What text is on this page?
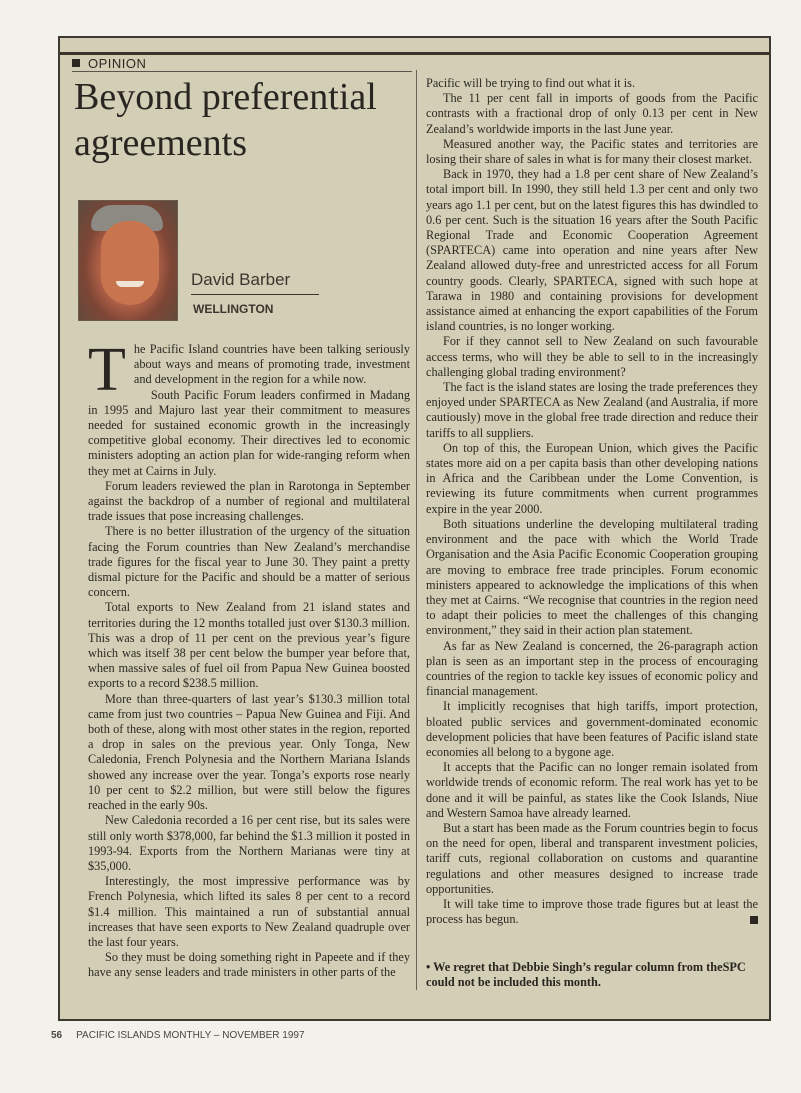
OPINION
Beyond preferential agreements
David Barber
WELLINGTON

The Pacific Island countries have been talking seriously about ways and means of promoting trade, investment and development in the region for a while now.

South Pacific Forum leaders confirmed in Madang in 1995 and Majuro last year their commitment to measures needed for sustained economic growth in the increasingly competitive global economy. Their directives led to economic ministers adopting an action plan for wide-ranging reform when they met at Cairns in July.

Forum leaders reviewed the plan in Rarotonga in September against the backdrop of a number of regional and multilateral trade issues that pose increasing challenges.

There is no better illustration of the urgency of the situation facing the Forum countries than New Zealand’s merchandise trade figures for the fiscal year to June 30. They paint a pretty dismal picture for the Pacific and should be a matter of serious concern.

Total exports to New Zealand from 21 island states and territories during the 12 months totalled just over $130.3 million. This was a drop of 11 per cent on the previous year’s figure which was itself 38 per cent below the bumper year before that, when massive sales of fuel oil from Papua New Guinea boosted exports to a record $238.5 million.

More than three-quarters of last year’s $130.3 million total came from just two countries – Papua New Guinea and Fiji. And both of these, along with most other states in the region, reported a drop in sales on the previous year. Only Tonga, New Caledonia, French Polynesia and the Northern Mariana Islands showed any increase over the year. Tonga’s exports rose nearly 10 per cent to $2.2 million, but were still below the figures reached in the early 90s.

New Caledonia recorded a 16 per cent rise, but its sales were still only worth $378,000, far behind the $1.3 million it posted in 1993-94. Exports from the Northern Marianas were tiny at $35,000.

Interestingly, the most impressive performance was by French Polynesia, which lifted its sales 8 per cent to a record $1.4 million. This maintained a run of substantial annual increases that have seen exports to New Zealand quadruple over the last four years.

So they must be doing something right in Papeete and if they have any sense leaders and trade ministers in other parts of the

Pacific will be trying to find out what it is.

The 11 per cent fall in imports of goods from the Pacific contrasts with a fractional drop of only 0.13 per cent in New Zealand’s worldwide imports in the last June year.

Measured another way, the Pacific states and territories are losing their share of sales in what is for many their closest market.

Back in 1970, they had a 1.8 per cent share of New Zealand’s total import bill. In 1990, they still held 1.3 per cent and only two years ago 1.1 per cent, but on the latest figures this has dwindled to 0.6 per cent. Such is the situation 16 years after the South Pacific Regional Trade and Economic Cooperation Agreement (SPARTECA) came into operation and nine years after New Zealand allowed duty-free and unrestricted access for all Forum country goods. Clearly, SPARTECA, signed with such hope at Tarawa in 1980 and containing provisions for development assistance aimed at enhancing the export capabilities of the Forum island countries, is no longer working.

For if they cannot sell to New Zealand on such favourable access terms, who will they be able to sell to in the increasingly challenging global trading environment?

The fact is the island states are losing the trade preferences they enjoyed under SPARTECA as New Zealand (and Australia, if more cautiously) move in the global free trade direction and reduce their tariffs to all suppliers.

On top of this, the European Union, which gives the Pacific states more aid on a per capita basis than other developing nations in Africa and the Caribbean under the Lome Convention, is reviewing its future commitments when current programmes expire in the year 2000.

Both situations underline the developing multilateral trading environment and the pace with which the World Trade Organisation and the Asia Pacific Economic Cooperation grouping are moving to embrace free trade principles. Forum economic ministers appeared to acknowledge the implications of this when they met at Cairns. “We recognise that countries in the region need to adapt their policies to meet the challenges of this changing environment,” they said in their action plan statement.

As far as New Zealand is concerned, the 26-paragraph action plan is seen as an important step in the process of encouraging countries of the region to tackle key issues of economic policy and financial management.

It implicitly recognises that high tariffs, import protection, bloated public services and government-dominated economic development policies that have been features of Pacific island state economies all belong to a bygone age.

It accepts that the Pacific can no longer remain isolated from worldwide trends of economic reform. The real work has yet to be done and it will be painful, as states like the Cook Islands, Niue and Western Samoa have already learned.

But a start has been made as the Forum countries begin to focus on the need for open, liberal and transparent investment policies, tariff cuts, regional collaboration on customs and quarantine regulations and other measures designed to increase trade opportunities.

It will take time to improve those trade figures but at least the process has begun.

• We regret that Debbie Singh’s regular column from theSPC could not be included this month.
56 PACIFIC ISLANDS MONTHLY – NOVEMBER 1997
